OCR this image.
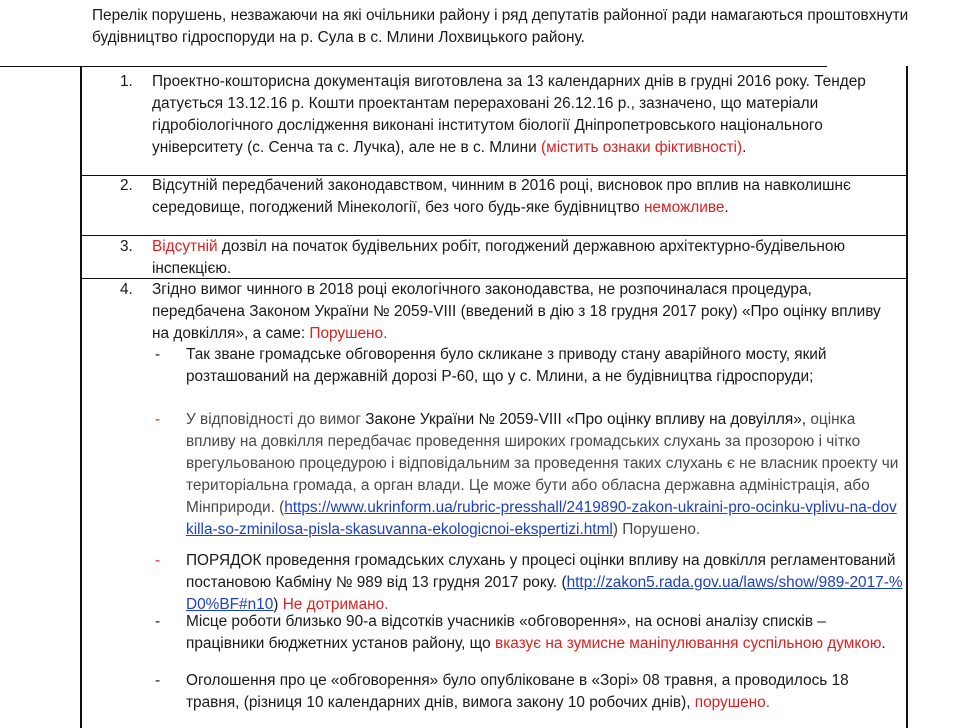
Перелік порушень, незважаючи на які очільники району і ряд депутатів районної ради намагаються проштовхнути будівництво гідроспоруди на р. Сула в с. Млини Лохвицького району.
1.	Проектно-кошторисна документація виготовлена за 13 календарних днів в грудні 2016 року. Тендер датується 13.12.16 р. Кошти проектантам перераховані 26.12.16 р., зазначено, що матеріали гідробіологічного дослідження виконані інститутом біології Дніпропетровського національного університету (с. Сенча та с. Лучка), але не в с. Млини (містить ознаки фіктивності).
2.	Відсутній передбачений законодавством, чинним в 2016 році, висновок про вплив на навколишнє середовище, погоджений Мінекології, без чого будь-яке будівництво неможливе.
3.	Відсутній дозвіл на початок будівельних робіт, погоджений державною архітектурно-будівельною інспекцією.
4.	Згідно вимог чинного в 2018 році екологічного законодавства, не розпочиналася процедура, передбачена Законом України № 2059-VIII (введений в дію з 18 грудня 2017 року) «Про оцінку впливу на довкілля», а саме: Порушено.
-	Так зване громадське обговорення було скликане з приводу стану аварійного мосту, який розташований на державній дорозі Р-60, що у с. Млини, а не будівництва гідроспоруди;
-	У відповідності до вимог Законе України № 2059-VIII «Про оцінку впливу на довуілля», оцінка впливу на довкілля передбачає проведення широких громадських слухань за прозорою і чітко врегульованою процедурою і відповідальним за проведення таких слухань є не власник проекту чи територіальна громада, а орган влади. Це може бути або обласна державна адміністрація, або Мінприроди. (https://www.ukrinform.ua/rubric-presshall/2419890-zakon-ukraini-pro-ocinku-vplivu-na-dovkilla-so-zminilosa-pisla-skasuvanna-ekologicnoi-ekspertizi.html) Порушено.
-	ПОРЯДОК проведення громадських слухань у процесі оцінки впливу на довкілля регламентований постановою Кабміну № 989 від 13 грудня 2017 року. (http://zakon5.rada.gov.ua/laws/show/989-2017-%D0%BF#n10) Не дотримано.
-	Місце роботи близько 90-а відсотків учасників «обговорення», на основі аналізу списків – працівники бюджетних установ району, що вказує на зумисне маніпулювання суспільною думкою.
-	Оголошення про це «обговорення» було опубліковане в «Зорі» 08 травня, а проводилось 18 травня, (різниця 10 календарних днів, вимога закону 10 робочих днів), порушено.
